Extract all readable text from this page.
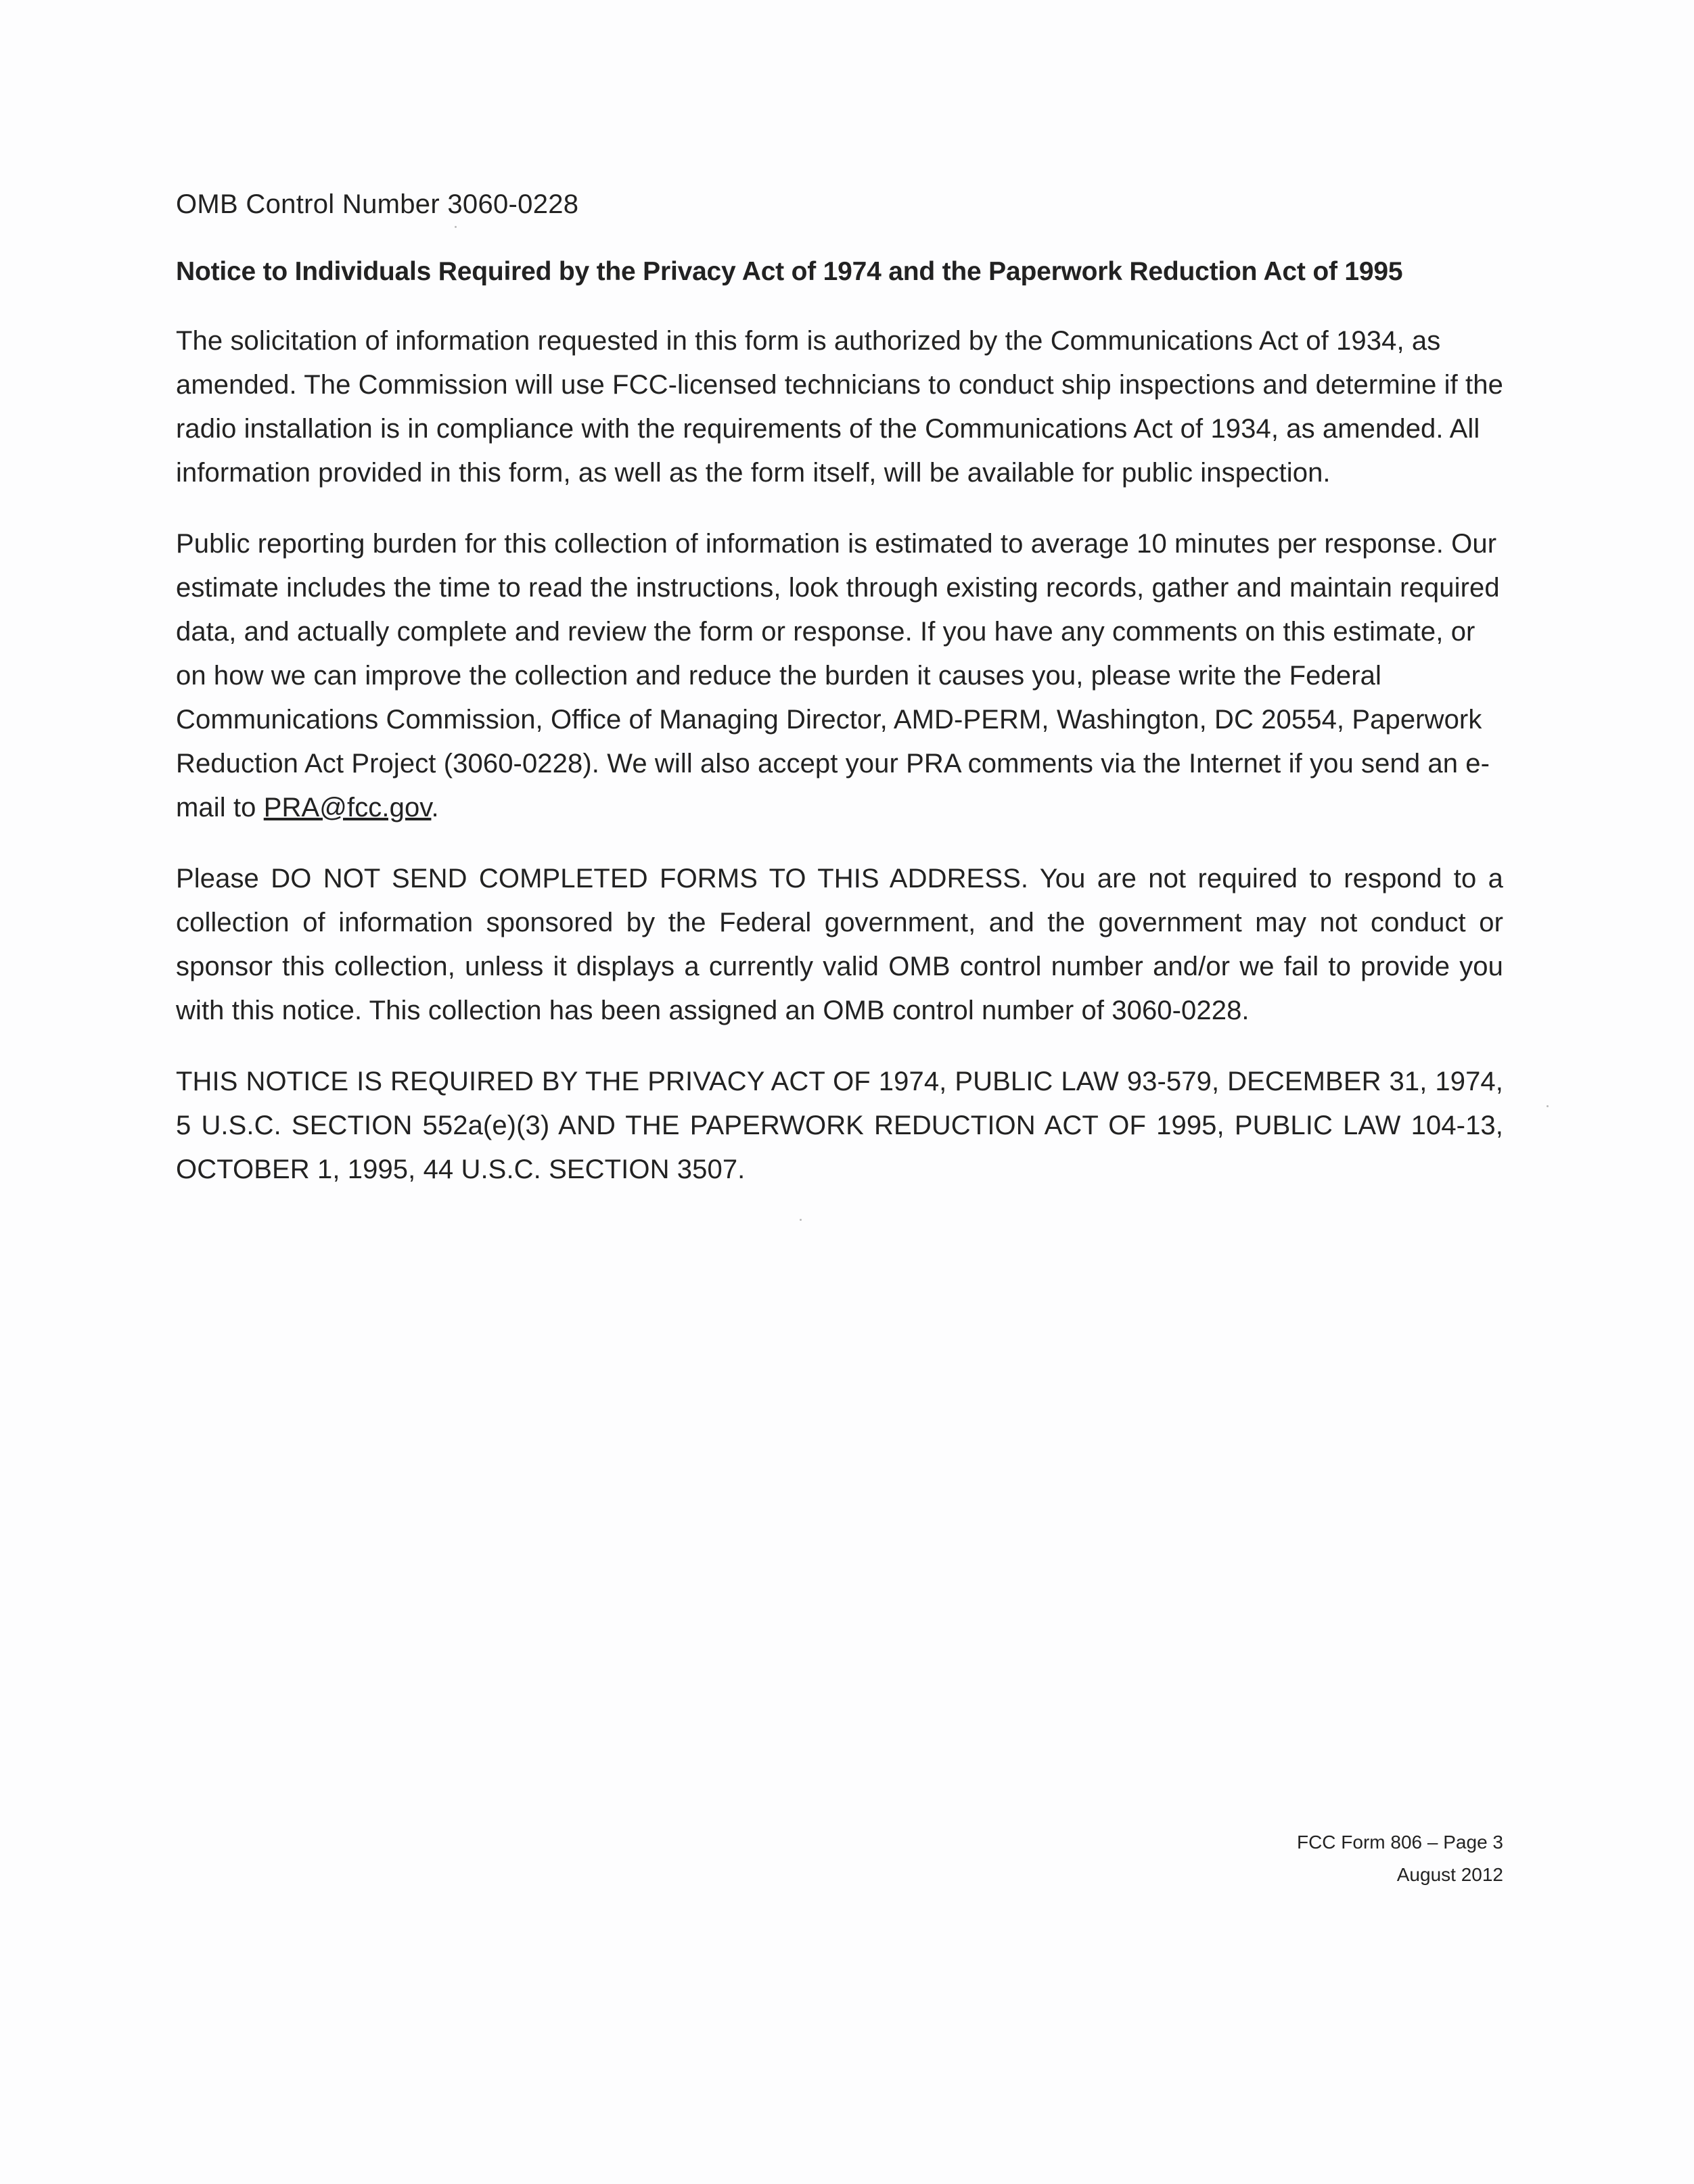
OMB Control Number 3060-0228
Notice to Individuals Required by the Privacy Act of 1974 and the Paperwork Reduction Act of 1995

The solicitation of information requested in this form is authorized by the Communications Act of 1934, as amended. The Commission will use FCC-licensed technicians to conduct ship inspections and determine if the radio installation is in compliance with the requirements of the Communications Act of 1934, as amended. All information provided in this form, as well as the form itself, will be available for public inspection.

Public reporting burden for this collection of information is estimated to average 10 minutes per response. Our estimate includes the time to read the instructions, look through existing records, gather and maintain required data, and actually complete and review the form or response. If you have any comments on this estimate, or on how we can improve the collection and reduce the burden it causes you, please write the Federal Communications Commission, Office of Managing Director, AMD-PERM, Washington, DC 20554, Paperwork Reduction Act Project (3060-0228). We will also accept your PRA comments via the Internet if you send an e-mail to PRA@fcc.gov.

Please DO NOT SEND COMPLETED FORMS TO THIS ADDRESS. You are not required to respond to a collection of information sponsored by the Federal government, and the government may not conduct or sponsor this collection, unless it displays a currently valid OMB control number and/or we fail to provide you with this notice. This collection has been assigned an OMB control number of 3060-0228.

THIS NOTICE IS REQUIRED BY THE PRIVACY ACT OF 1974, PUBLIC LAW 93-579, DECEMBER 31, 1974, 5 U.S.C. SECTION 552a(e)(3) AND THE PAPERWORK REDUCTION ACT OF 1995, PUBLIC LAW 104-13, OCTOBER 1, 1995, 44 U.S.C. SECTION 3507.

FCC Form 806 – Page 3
August 2012
